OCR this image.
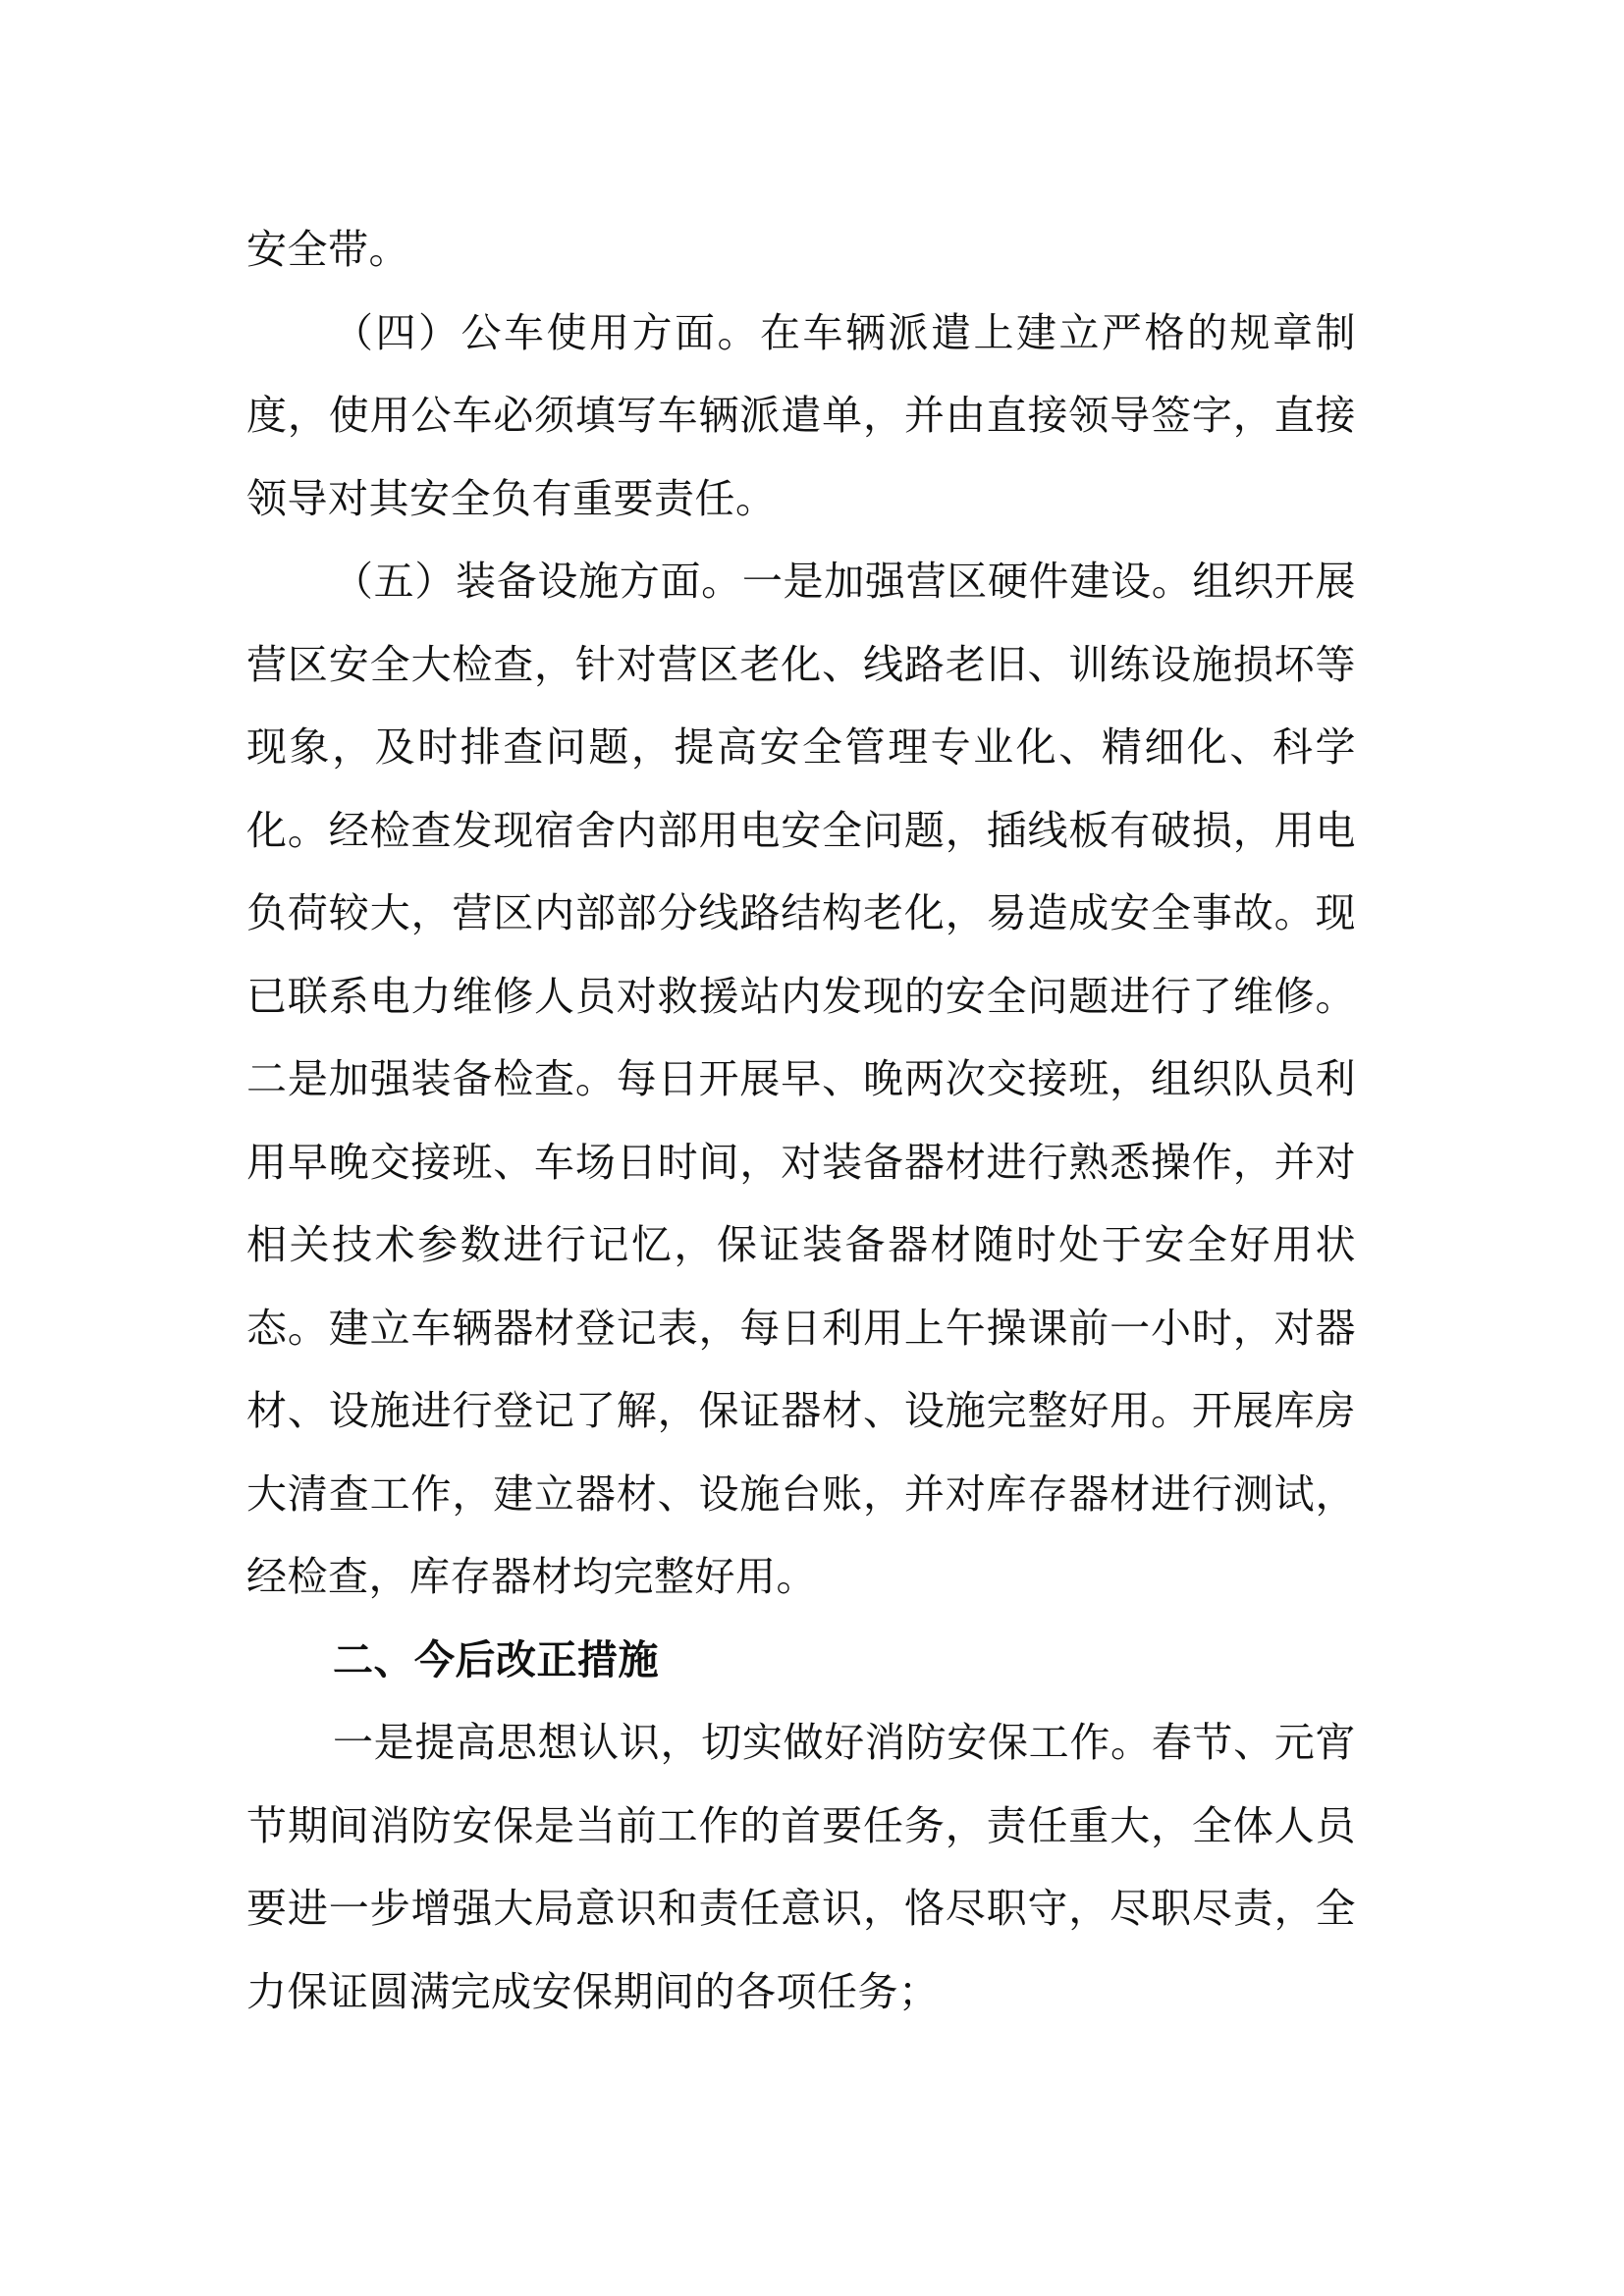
安全带。

（四）公车使用方面。在车辆派遣上建立严格的规章制度，使用公车必须填写车辆派遣单，并由直接领导签字，直接领导对其安全负有重要责任。

（五）装备设施方面。一是加强营区硬件建设。组织开展营区安全大检查，针对营区老化、线路老旧、训练设施损坏等现象，及时排查问题，提高安全管理专业化、精细化、科学化。经检查发现宿舍内部用电安全问题，插线板有破损，用电负荷较大，营区内部部分线路结构老化，易造成安全事故。现已联系电力维修人员对救援站内发现的安全问题进行了维修。二是加强装备检查。每日开展早、晚两次交接班，组织队员利用早晚交接班、车场日时间，对装备器材进行熟悉操作，并对相关技术参数进行记忆，保证装备器材随时处于安全好用状态。建立车辆器材登记表，每日利用上午操课前一小时，对器材、设施进行登记了解，保证器材、设施完整好用。开展库房大清查工作，建立器材、设施台账，并对库存器材进行测试，经检查，库存器材均完整好用。

二、今后改正措施

一是提高思想认识，切实做好消防安保工作。春节、元宵节期间消防安保是当前工作的首要任务，责任重大，全体人员要进一步增强大局意识和责任意识，恪尽职守，尽职尽责，全力保证圆满完成安保期间的各项任务；
